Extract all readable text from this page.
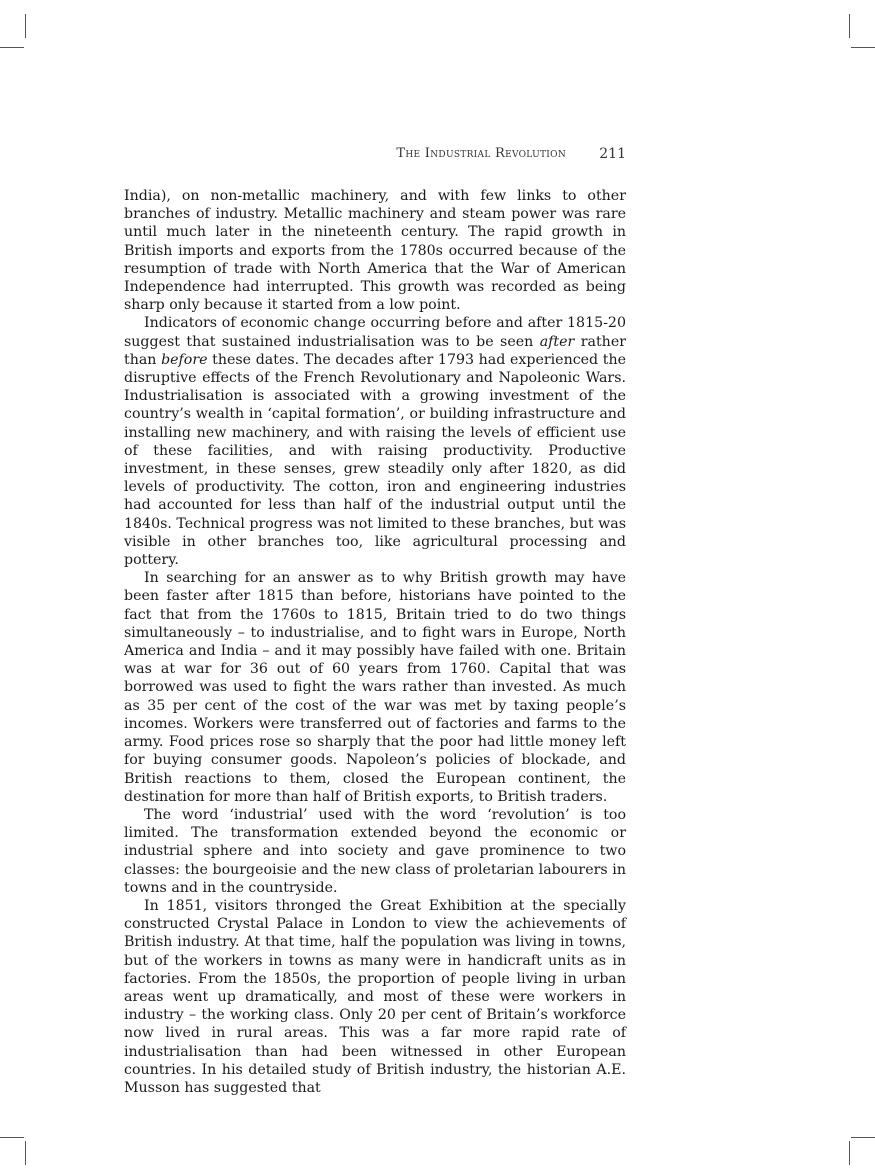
The Industrial Revolution 211

India), on non-metallic machinery, and with few links to other branches of industry. Metallic machinery and steam power was rare until much later in the nineteenth century. The rapid growth in British imports and exports from the 1780s occurred because of the resumption of trade with North America that the War of American Independence had interrupted. This growth was recorded as being sharp only because it started from a low point.

Indicators of economic change occurring before and after 1815-20 suggest that sustained industrialisation was to be seen after rather than before these dates. The decades after 1793 had experienced the disruptive effects of the French Revolutionary and Napoleonic Wars. Industrialisation is associated with a growing investment of the country’s wealth in ‘capital formation’, or building infrastructure and installing new machinery, and with raising the levels of efficient use of these facilities, and with raising productivity. Productive investment, in these senses, grew steadily only after 1820, as did levels of productivity. The cotton, iron and engineering industries had accounted for less than half of the industrial output until the 1840s. Technical progress was not limited to these branches, but was visible in other branches too, like agricultural processing and pottery.

In searching for an answer as to why British growth may have been faster after 1815 than before, historians have pointed to the fact that from the 1760s to 1815, Britain tried to do two things simultaneously – to industrialise, and to fight wars in Europe, North America and India – and it may possibly have failed with one. Britain was at war for 36 out of 60 years from 1760. Capital that was borrowed was used to fight the wars rather than invested. As much as 35 per cent of the cost of the war was met by taxing people’s incomes. Workers were transferred out of factories and farms to the army. Food prices rose so sharply that the poor had little money left for buying consumer goods. Napoleon’s policies of blockade, and British reactions to them, closed the European continent, the destination for more than half of British exports, to British traders.

The word ‘industrial’ used with the word ‘revolution’ is too limited. The transformation extended beyond the economic or industrial sphere and into society and gave prominence to two classes: the bourgeoisie and the new class of proletarian labourers in towns and in the countryside.

In 1851, visitors thronged the Great Exhibition at the specially constructed Crystal Palace in London to view the achievements of British industry. At that time, half the population was living in towns, but of the workers in towns as many were in handicraft units as in factories. From the 1850s, the proportion of people living in urban areas went up dramatically, and most of these were workers in industry – the working class. Only 20 per cent of Britain’s workforce now lived in rural areas. This was a far more rapid rate of industrialisation than had been witnessed in other European countries. In his detailed study of British industry, the historian A.E. Musson has suggested that
